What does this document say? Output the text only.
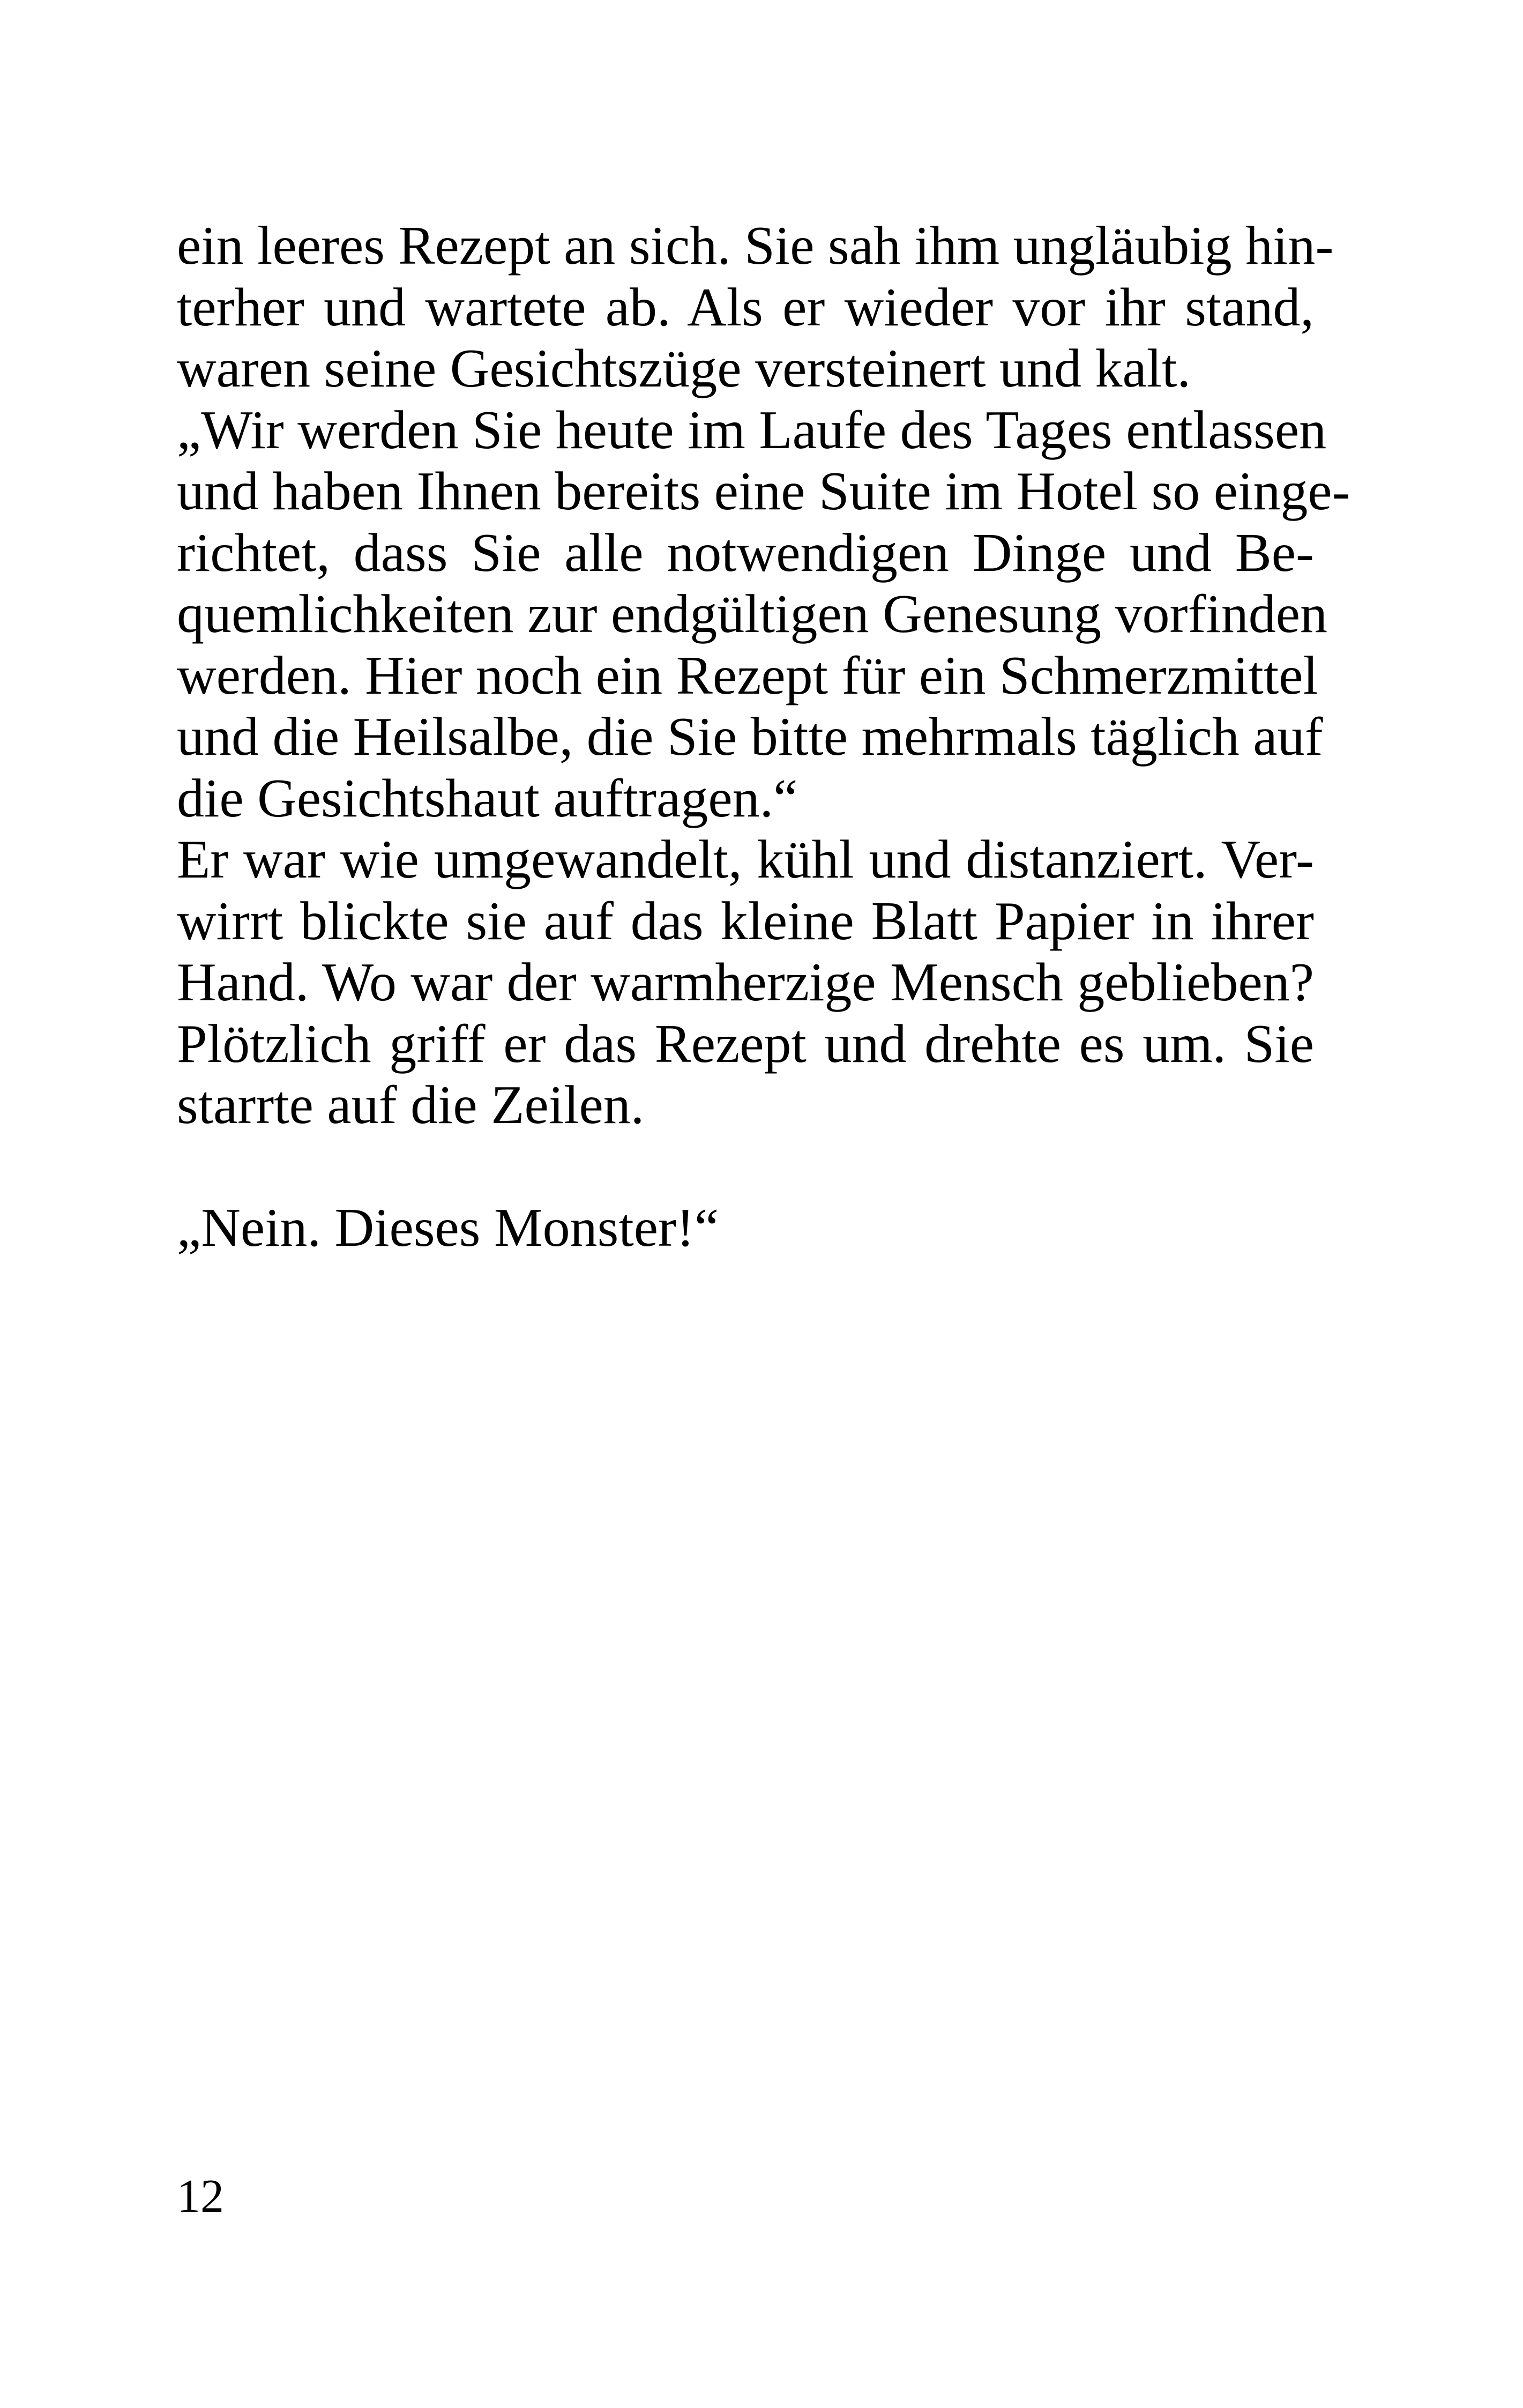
ein leeres Rezept an sich. Sie sah ihm ungläubig hin-
terher und wartete ab. Als er wieder vor ihr stand,
waren seine Gesichtszüge versteinert und kalt.
„Wir werden Sie heute im Laufe des Tages entlassen
und haben Ihnen bereits eine Suite im Hotel so einge-
richtet, dass Sie alle notwendigen Dinge und Be-
quemlichkeiten zur endgültigen Genesung vorfinden
werden. Hier noch ein Rezept für ein Schmerzmittel
und die Heilsalbe, die Sie bitte mehrmals täglich auf
die Gesichtshaut auftragen.“
Er war wie umgewandelt, kühl und distanziert. Ver-
wirrt blickte sie auf das kleine Blatt Papier in ihrer
Hand. Wo war der warmherzige Mensch geblieben?
Plötzlich griff er das Rezept und drehte es um. Sie
starrte auf die Zeilen.
„Nein. Dieses Monster!“
12
